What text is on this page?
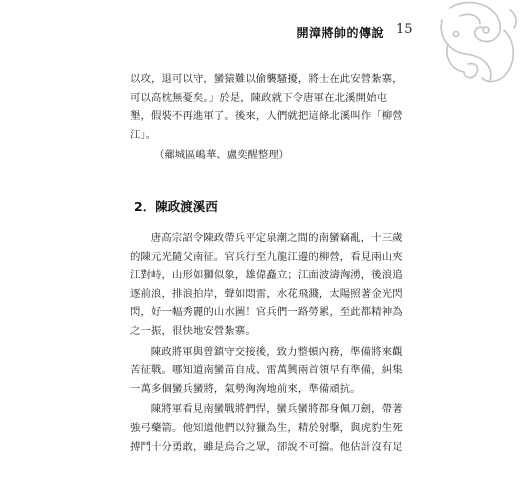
開漳將帥的傳說 15

以攻，退可以守，蠻猿難以偷襲騷擾，將士在此安營紮寨，
可以高枕無憂矣。」於是，陳政就下令唐軍在北溪開始屯
墾，假裝不再進軍了。後來，人們就把這條北溪叫作「柳營
江」。

（薌城區嶋華、盧奕醒整理）

2．陳政渡溪西

唐高宗詔令陳政帶兵平定泉潮之間的南蠻竊亂，十三歲
的陳元光隨父南征。官兵行至九龍江邊的柳營，看見兩山夾
江對峙，山形如獅似象，雄偉矗立；江面波濤洶湧，後浪追
逐前浪，排浪拍岸，聲如悶雷，水花飛濺，太陽照著金光閃
閃，好一幅秀麗的山水圖！官兵們一路勞累，至此都精神為
之一振，很快地安營紮寨。

陳政將軍與曾鎮守交接後，致力整頓內務，準備將來觀
苦征戰。哪知道南蠻苗自成、雷萬興兩首領早有準備，糾集
一萬多個蠻兵蠻將，氣勢洶洶地前來，準備頑抗。

陳將軍看見南蠻戰將們悍，蠻兵蠻將都身佩刀劍，帶著
強弓藥箭。他知道他們以狩獵為生，精於射擊，與虎豹生死
搏鬥十分勇敢，雖是烏合之眾，卻說不可擋。他估計沒有足
